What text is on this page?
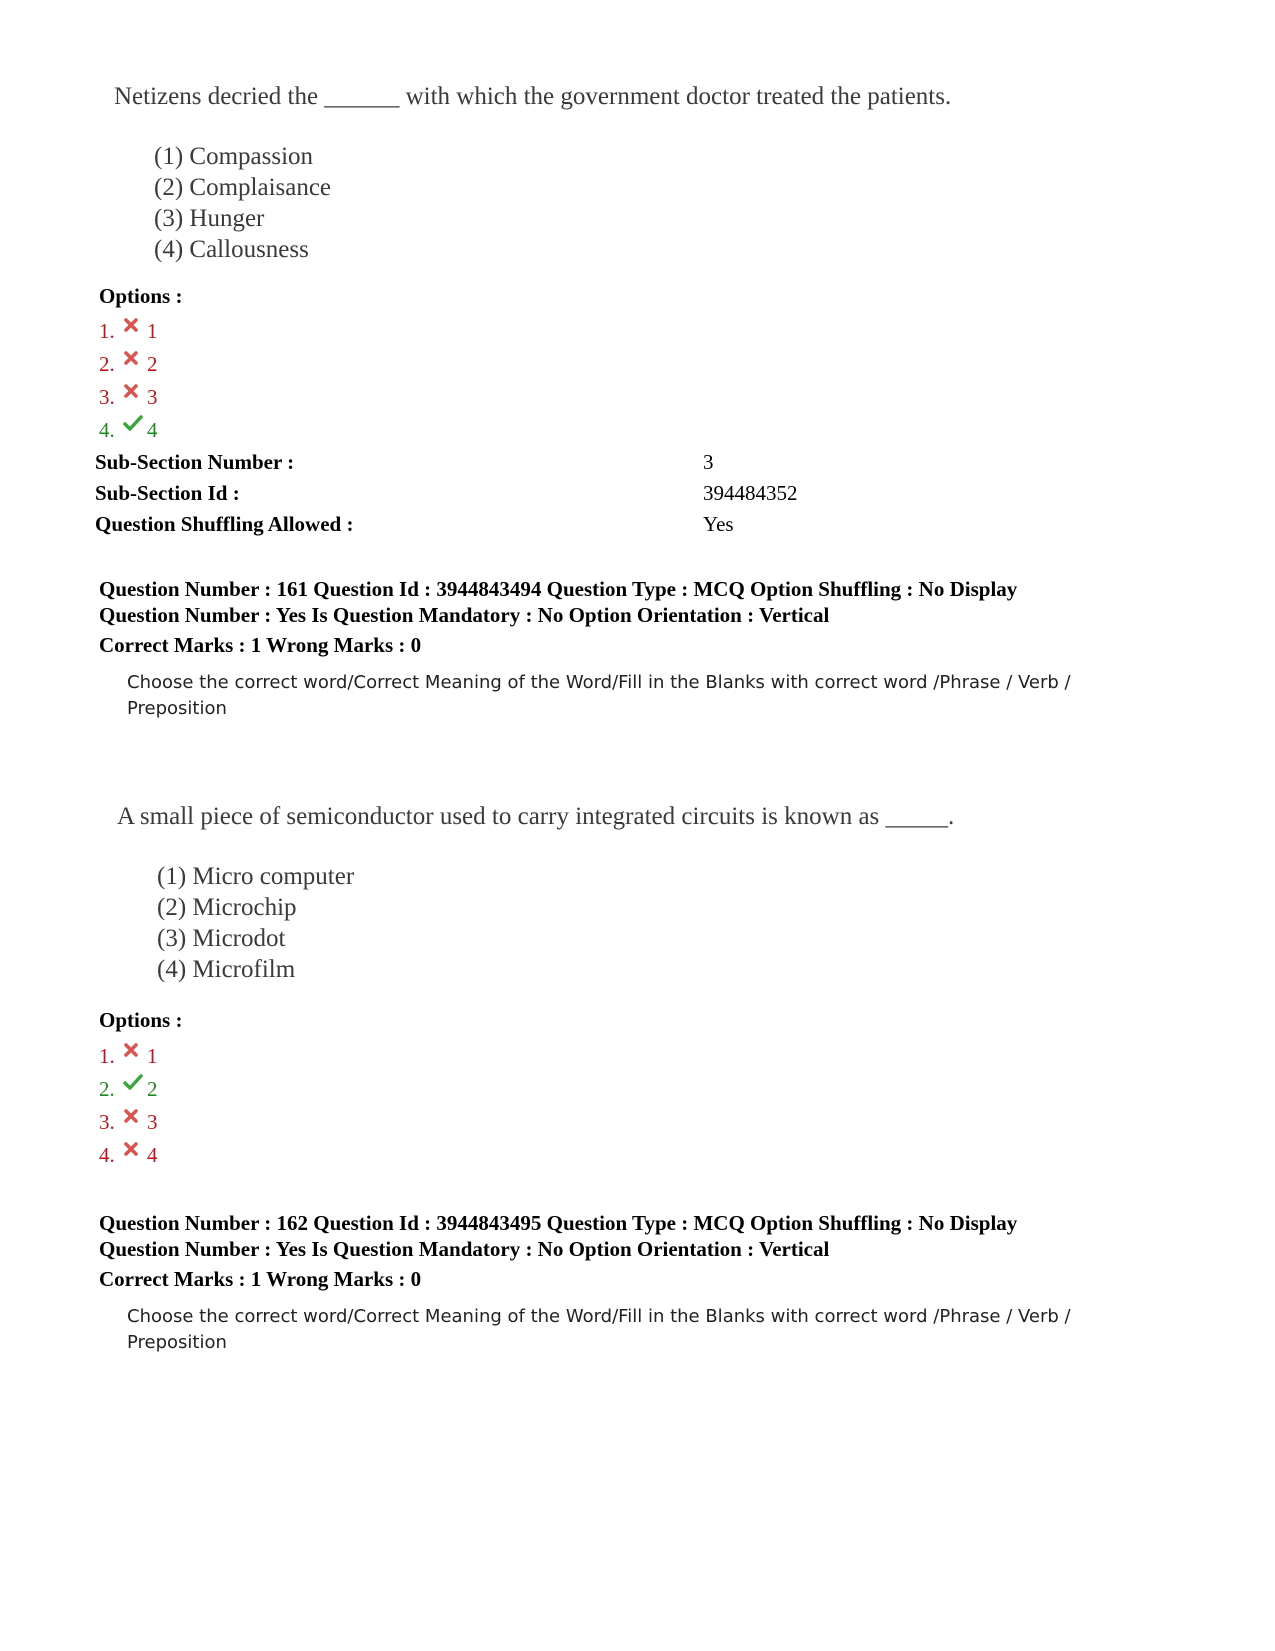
Netizens decried the ______ with which the government doctor treated the patients.
(1) Compassion
(2) Complaisance
(3) Hunger
(4) Callousness
Options :
1. 1
2. 2
3. 3
4. 4
Sub-Section Number :	3
Sub-Section Id :	394484352
Question Shuffling Allowed :	Yes
Question Number : 161 Question Id : 3944843494 Question Type : MCQ Option Shuffling : No Display
Question Number : Yes Is Question Mandatory : No Option Orientation : Vertical
Correct Marks : 1 Wrong Marks : 0
Choose the correct word/Correct Meaning of the Word/Fill in the Blanks with correct word /Phrase / Verb / Preposition
A small piece of semiconductor used to carry integrated circuits is known as _____.
(1) Micro computer
(2) Microchip
(3) Microdot
(4) Microfilm
Options :
1. 1
2. 2
3. 3
4. 4
Question Number : 162 Question Id : 3944843495 Question Type : MCQ Option Shuffling : No Display
Question Number : Yes Is Question Mandatory : No Option Orientation : Vertical
Correct Marks : 1 Wrong Marks : 0
Choose the correct word/Correct Meaning of the Word/Fill in the Blanks with correct word /Phrase / Verb / Preposition
